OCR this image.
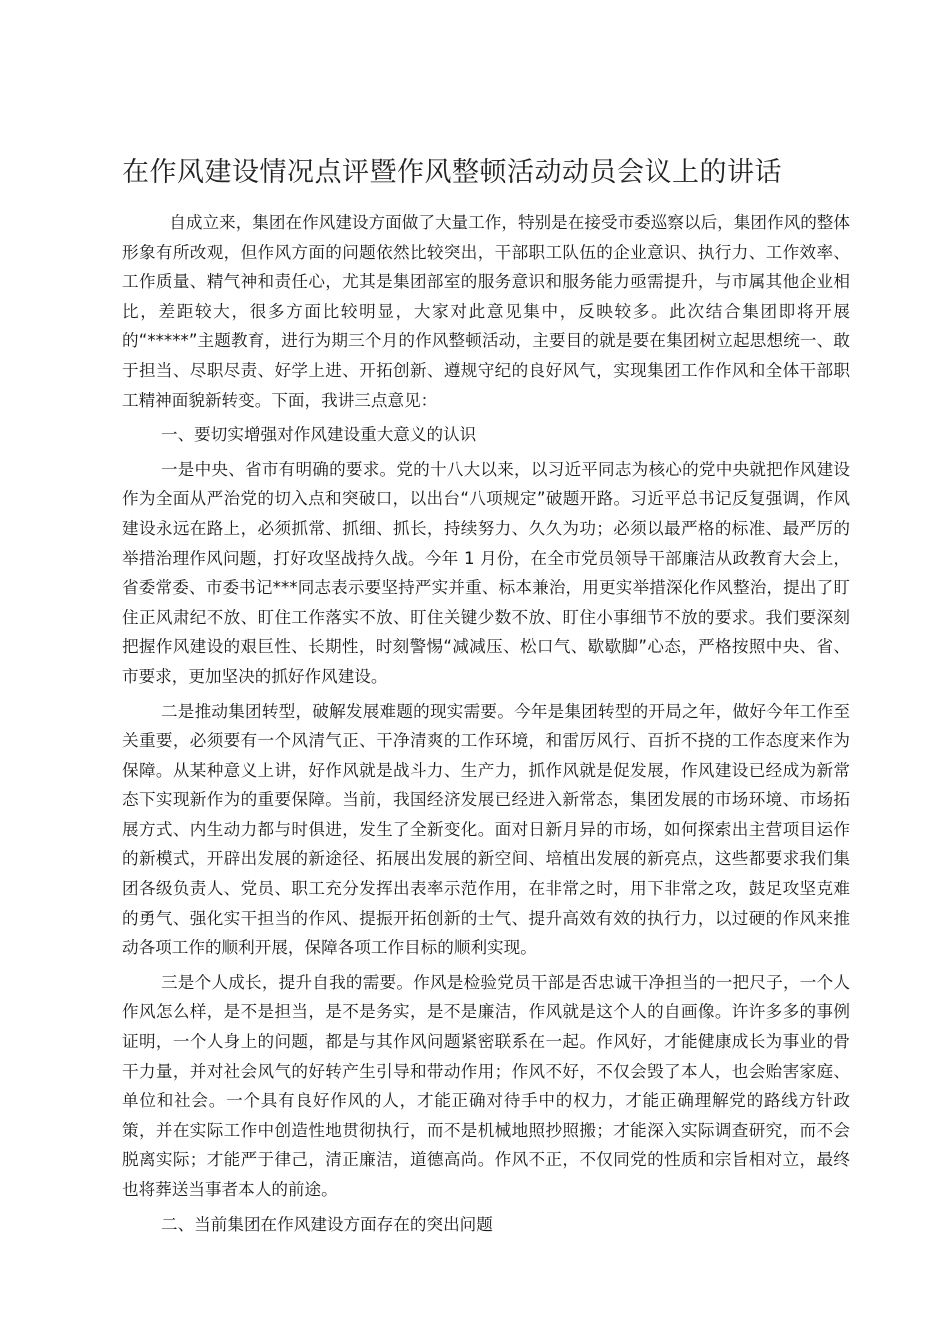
在作风建设情况点评暨作风整顿活动动员会议上的讲话

自成立来，集团在作风建设方面做了大量工作，特别是在接受市委巡察以后，集团作风的整体形象有所改观，但作风方面的问题依然比较突出，干部职工队伍的企业意识、执行力、工作效率、工作质量、精气神和责任心，尤其是集团部室的服务意识和服务能力亟需提升，与市属其他企业相比，差距较大，很多方面比较明显，大家对此意见集中，反映较多。此次结合集团即将开展的“*****”主题教育，进行为期三个月的作风整顿活动，主要目的就是要在集团树立起思想统一、敢于担当、尽职尽责、好学上进、开拓创新、遵规守纪的良好风气，实现集团工作作风和全体干部职工精神面貌新转变。下面，我讲三点意见：

一、要切实增强对作风建设重大意义的认识

一是中央、省市有明确的要求。党的十八大以来，以习近平同志为核心的党中央就把作风建设作为全面从严治党的切入点和突破口，以出台“八项规定”破题开路。习近平总书记反复强调，作风建设永远在路上，必须抓常、抓细、抓长，持续努力、久久为功；必须以最严格的标准、最严厉的举措治理作风问题，打好攻坚战持久战。今年 1 月份，在全市党员领导干部廉洁从政教育大会上，省委常委、市委书记***同志表示要坚持严实并重、标本兼治，用更实举措深化作风整治，提出了盯住正风肃纪不放、盯住工作落实不放、盯住关键少数不放、盯住小事细节不放的要求。我们要深刻把握作风建设的艰巨性、长期性，时刻警惕“减减压、松口气、歇歇脚”心态，严格按照中央、省、市要求，更加坚决的抓好作风建设。

二是推动集团转型，破解发展难题的现实需要。今年是集团转型的开局之年，做好今年工作至关重要，必须要有一个风清气正、干净清爽的工作环境，和雷厉风行、百折不挠的工作态度来作为保障。从某种意义上讲，好作风就是战斗力、生产力，抓作风就是促发展，作风建设已经成为新常态下实现新作为的重要保障。当前，我国经济发展已经进入新常态，集团发展的市场环境、市场拓展方式、内生动力都与时俱进，发生了全新变化。面对日新月异的市场，如何探索出主营项目运作的新模式，开辟出发展的新途径、拓展出发展的新空间、培植出发展的新亮点，这些都要求我们集团各级负责人、党员、职工充分发挥出表率示范作用，在非常之时，用下非常之攻，鼓足攻坚克难的勇气、强化实干担当的作风、提振开拓创新的士气、提升高效有效的执行力，以过硬的作风来推动各项工作的顺利开展，保障各项工作目标的顺利实现。

三是个人成长，提升自我的需要。作风是检验党员干部是否忠诚干净担当的一把尺子，一个人作风怎么样，是不是担当，是不是务实，是不是廉洁，作风就是这个人的自画像。许许多多的事例证明，一个人身上的问题，都是与其作风问题紧密联系在一起。作风好，才能健康成长为事业的骨干力量，并对社会风气的好转产生引导和带动作用；作风不好，不仅会毁了本人，也会贻害家庭、单位和社会。一个具有良好作风的人，才能正确对待手中的权力，才能正确理解党的路线方针政策，并在实际工作中创造性地贯彻执行，而不是机械地照抄照搬；才能深入实际调查研究，而不会脱离实际；才能严于律己，清正廉洁，道德高尚。作风不正，不仅同党的性质和宗旨相对立，最终也将葬送当事者本人的前途。

二、当前集团在作风建设方面存在的突出问题
